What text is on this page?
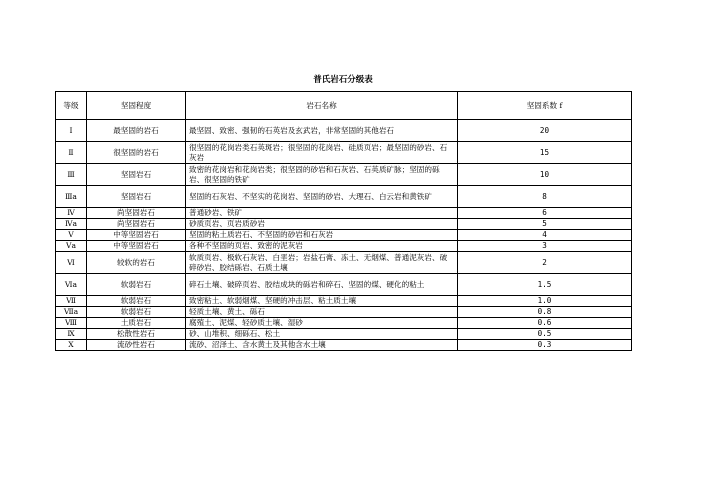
普氏岩石分级表
等级	坚固程度	岩石名称	坚固系数 f
Ⅰ	最坚固的岩石	最坚固、致密、强韧的石英岩及玄武岩，非常坚固的其他岩石	20
Ⅱ	很坚固的岩石	很坚固的花岗岩类石英斑岩；很坚固的花岗岩、硅质页岩；最坚固的砂岩、石灰岩	15
Ⅲ	坚固岩石	致密的花岗岩和花岗岩类；很坚固的砂岩和石灰岩、石英质矿脉；坚固的砾岩、很坚固的铁矿	10
Ⅲa	坚固岩石	坚固的石灰岩、不坚实的花岗岩、坚固的砂岩、大理石、白云岩和黄铁矿	8
Ⅳ	尚坚固岩石	普通砂岩、铁矿	6
Ⅳa	尚坚固岩石	砂质页岩、页岩质砂岩	5
Ⅴ	中等坚固岩石	坚固的粘土质岩石、不坚固的砂岩和石灰岩	4
Ⅴa	中等坚固岩石	各种不坚固的页岩、致密的泥灰岩	3
Ⅵ	较软的岩石	软质页岩、极软石灰岩、白垩岩；岩盐石膏、冻土、无烟煤、普通泥灰岩、破碎砂岩、胶结砾岩、石质土壤	2
Ⅵa	软弱岩石	碎石土壤、破碎页岩、胶结成块的砾岩和碎石、坚固的煤、硬化的粘土	1.5
Ⅶ	软弱岩石	致密粘土、软弱烟煤、坚硬的冲击层、粘土质土壤	1.0
Ⅶa	软弱岩石	轻质土壤、黄土、砾石	0.8
Ⅷ	土质岩石	腐殖土、泥煤、轻砂质土壤、湿砂	0.6
Ⅸ	松散性岩石	砂、山堆积、细砾石、松土	0.5
Ⅹ	流砂性岩石	流砂、沼泽土、含水黄土及其他含水土壤	0.3
